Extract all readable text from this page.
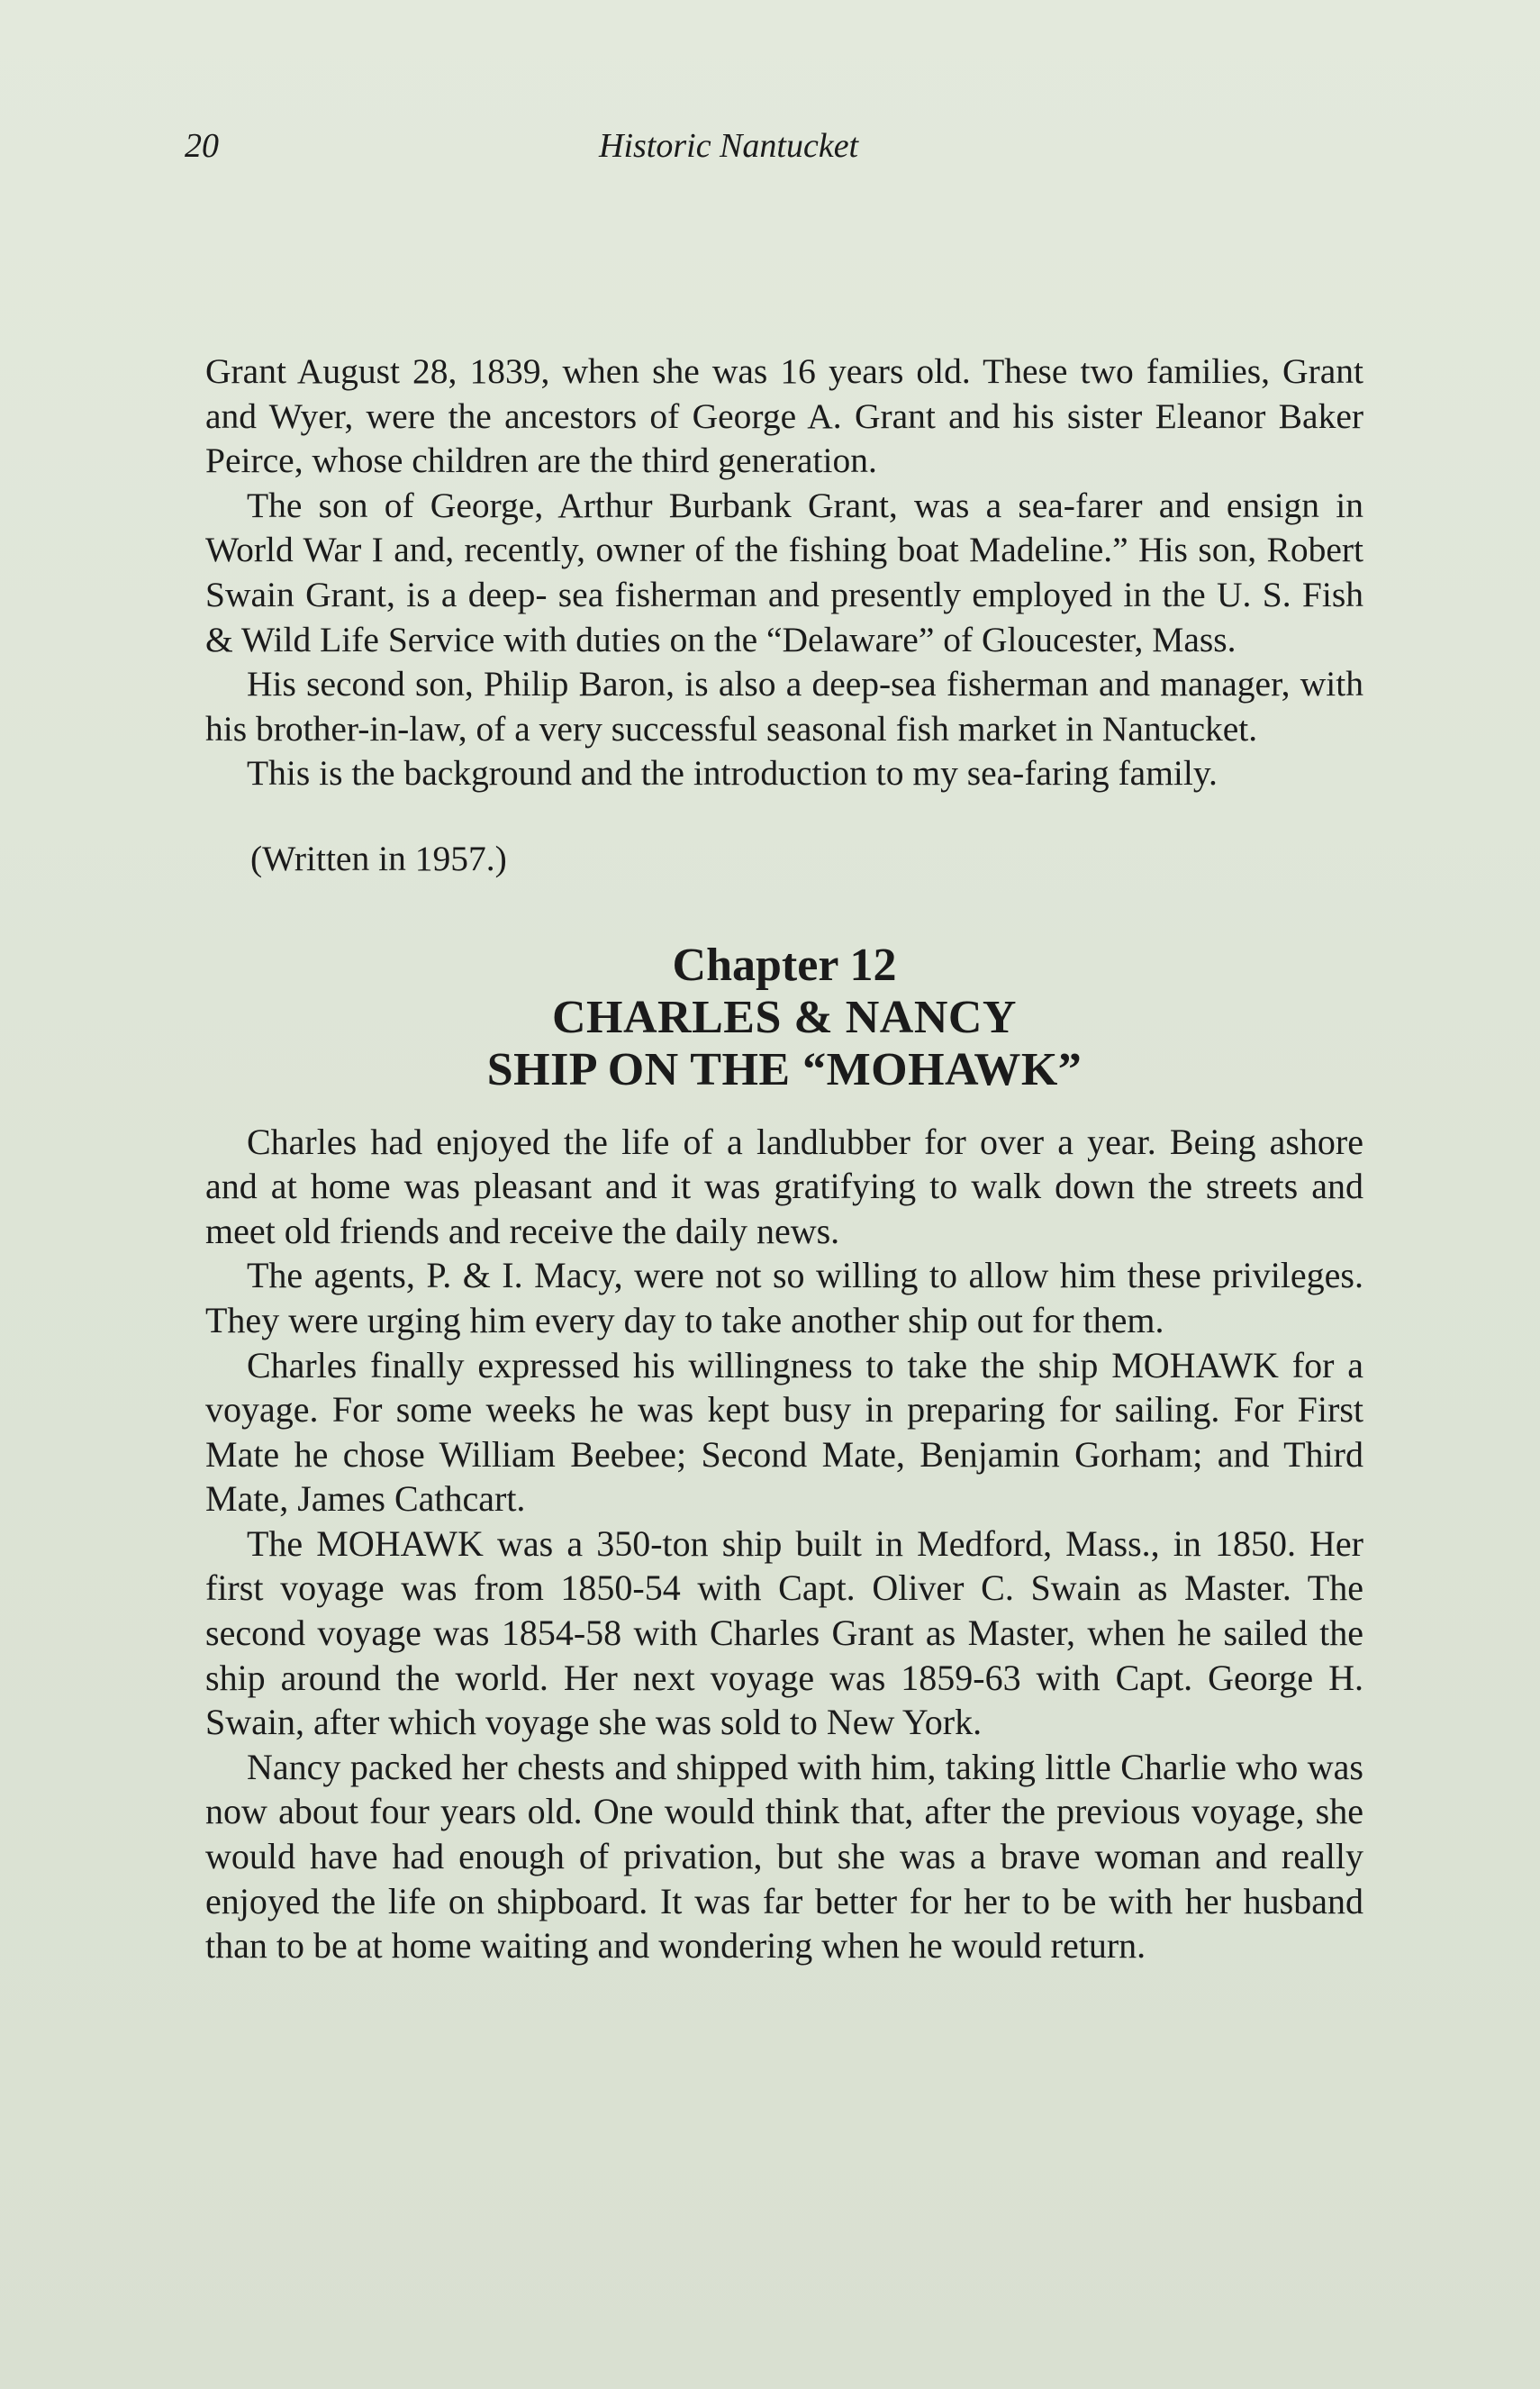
20	Historic Nantucket

Grant August 28, 1839, when she was 16 years old. These two families, Grant and Wyer, were the ancestors of George A. Grant and his sister Eleanor Baker Peirce, whose children are the third generation.

The son of George, Arthur Burbank Grant, was a sea-farer and ensign in World War I and, recently, owner of the fishing boat Madeline.” His son, Robert Swain Grant, is a deep- sea fisherman and presently employed in the U. S. Fish & Wild Life Service with duties on the “Delaware” of Gloucester, Mass.

His second son, Philip Baron, is also a deep-sea fisherman and manager, with his brother-in-law, of a very successful seasonal fish market in Nantucket.

This is the background and the introduction to my sea-faring family.

(Written in 1957.)

Chapter 12
CHARLES & NANCY
SHIP ON THE “MOHAWK”

Charles had enjoyed the life of a landlubber for over a year. Being ashore and at home was pleasant and it was gratifying to walk down the streets and meet old friends and receive the daily news.

The agents, P. & I. Macy, were not so willing to allow him these privileges. They were urging him every day to take another ship out for them.

Charles finally expressed his willingness to take the ship MOHAWK for a voyage. For some weeks he was kept busy in preparing for sailing. For First Mate he chose William Beebee; Second Mate, Benjamin Gorham; and Third Mate, James Cathcart.

The MOHAWK was a 350-ton ship built in Medford, Mass., in 1850. Her first voyage was from 1850-54 with Capt. Oliver C. Swain as Master. The second voyage was 1854-58 with Charles Grant as Master, when he sailed the ship around the world. Her next voyage was 1859-63 with Capt. George H. Swain, after which voyage she was sold to New York.

Nancy packed her chests and shipped with him, taking little Charlie who was now about four years old. One would think that, after the previous voyage, she would have had enough of privation, but she was a brave woman and really enjoyed the life on shipboard. It was far better for her to be with her husband than to be at home waiting and wondering when he would return.
